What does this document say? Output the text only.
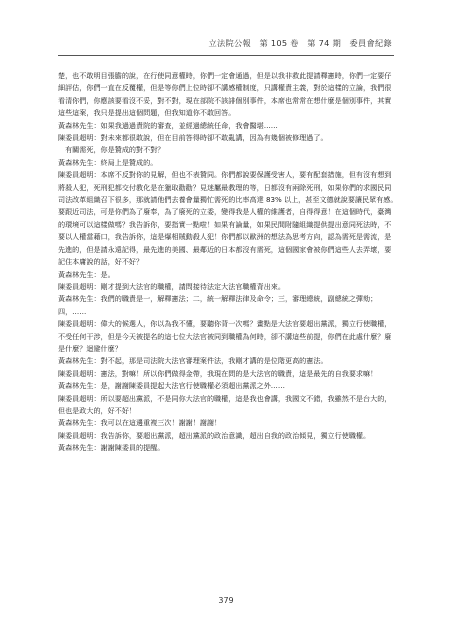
立法院公報　第 105 卷　第 74 期　委員會紀錄

楚，也不敢明目張膽的說，在行使同意權時，你們一定會通過，但是以我非救此提請釋憲時，你們一定要仔細評估，你們一直在反覆權，但是等你們上位時卻不講感權制度，只講權責主義，對於這樣的立論，我們很看清你們，你應該要看沒不妥，對不對，現在部院不該誹個別事件，本席也常常在想什麼是個別事件，其實這些這案，我只是提出這個問題，但我知道你不敢回答。

黃森林先生：如果我過過責院的審查，並經過總統任命，我會醫堪……

陳委員超明：對未來都很敢說，但在目前答得時卻不敢亂講，因為有幾個被修理過了。

　有關需死，你是贊成的對不對？

黃森林先生：終局上是贊成的。

陳委員超明：本席不反對你的見解，但也不表贊同。你們都說要保護受害人，要有配套措施，但有沒有想到將殺人犯，死刑犯都交付教化是在獵取勸勸？見迷屬最教理的等，日都沒有兩除死刑，如果你們的求國民同司法改革組織召下很多，那就請他們去養會量獨忙需死的比率高達 83% 以上，甚至文德就說要讓民眾有感。要跟近司法，可是你們為了廢奉，為了廢死的立委，變得我是人權的維護者，自得得意！在這個時代，臺灣的環境可以這樣做嗎？我告訴你，要指實一點啦！如果有論量，如果民間附隨組織提供提出意同死法時，不要以人權當藉口，我告訴你，這是爆相賊動殺人犯！你們都以歐洲的想法為思考方向，認為需死是需流，是先進的，但是請永遠記得，最先進的美國、最鄰近的日本都沒有需死，這個國家會被你們這些人去弄壞，要記住本庸說的話，好不好？

黃森林先生：是。

陳委員超明：剛才提到大法官的職權，請問接待法定大法官職權背出來。

黃森林先生：我們的職責是一，解釋憲法；二，統一解釋法律及命令；三，審理總統，副總統之彈劾；四，……

陳委員超明：偉大的候選人，你以為我不懂，要聽你背一次嗎？畫點是大法官要超出黨派，獨立行使職權，不受任何干涉，但是今天被提名的這七位大法官被同到職權為何時，卻不講這些前提，你們在此處什麼？廢是什麼？迴避什麼？

黃森林先生：對不起，那是司法院大法官審理案件法，我剛才講的是位階更高的憲法。

陳委員超明：憲法，對嘛！所以你們做得金帶，我現在問的是大法官的職責，這是最先的自我要求嘛！

黃森林先生：是，謝謝陳委員提起大法官行使職權必須超出黨派之外……

陳委員超明：所以要超出黨派，不是同你大法官的職權，這是我也會講，我國文不錯，我雖然不是台大的，但也是政大的，好不好！

黃森林先生：我可以在這邊重複三次！謝謝！謝謝！

陳委員超明：我告訴你，要超出黨派，超出黨派的政治意識，超出自我的政治傾見，獨立行使職權。

黃森林先生：謝謝陳委員的提醒。

379
